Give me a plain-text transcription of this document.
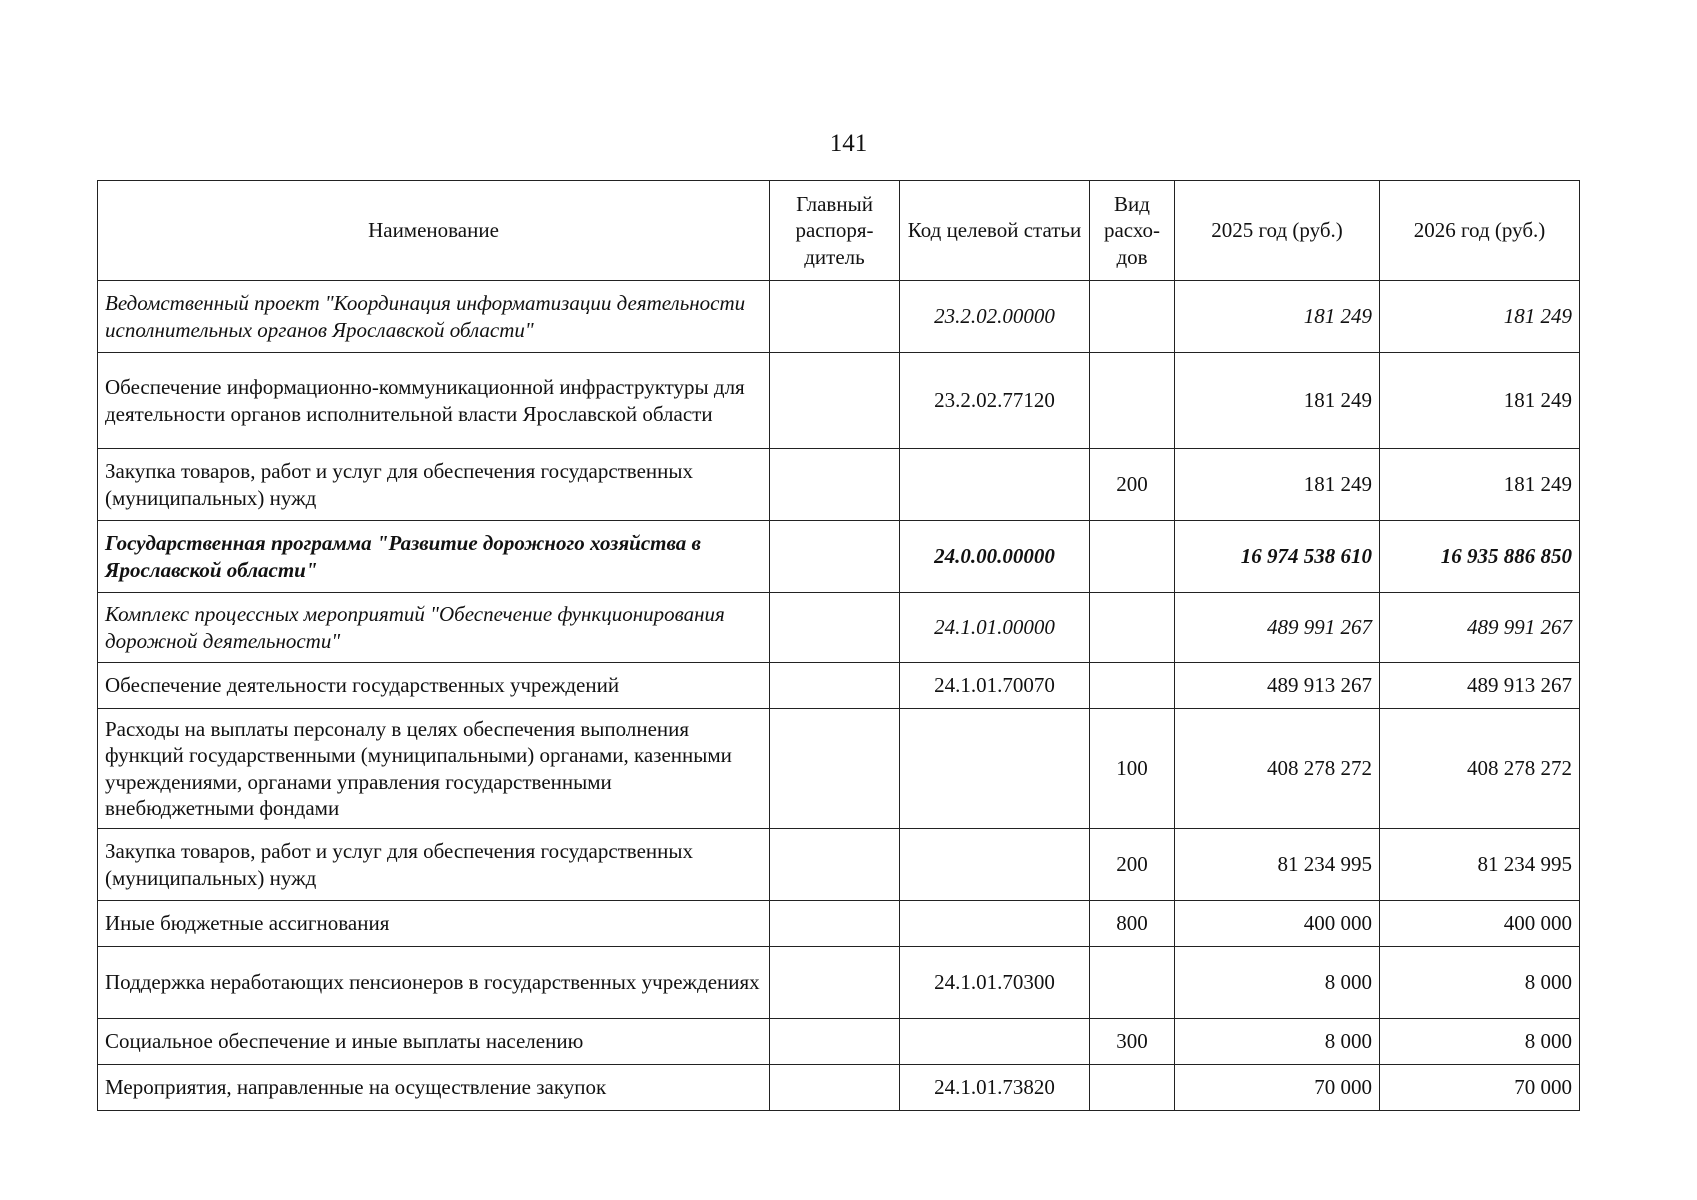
141
Наименование	Главный распоря-дитель	Код целевой статьи	Вид расхо-дов	2025 год (руб.)	2026 год (руб.)
Ведомственный проект "Координация информатизации деятельности исполнительных органов Ярославской области"		23.2.02.00000		181 249	181 249
Обеспечение информационно-коммуникационной инфраструктуры для деятельности органов исполнительной власти Ярославской области		23.2.02.77120		181 249	181 249
Закупка товаров, работ и услуг для обеспечения государственных (муниципальных) нужд			200	181 249	181 249
Государственная программа "Развитие дорожного хозяйства в Ярославской области"		24.0.00.00000		16 974 538 610	16 935 886 850
Комплекс процессных мероприятий "Обеспечение функционирования дорожной деятельности"		24.1.01.00000		489 991 267	489 991 267
Обеспечение деятельности государственных учреждений		24.1.01.70070		489 913 267	489 913 267
Расходы на выплаты персоналу в целях обеспечения выполнения функций государственными (муниципальными) органами, казенными учреждениями, органами управления государственными внебюджетными фондами			100	408 278 272	408 278 272
Закупка товаров, работ и услуг для обеспечения государственных (муниципальных) нужд			200	81 234 995	81 234 995
Иные бюджетные ассигнования			800	400 000	400 000
Поддержка неработающих пенсионеров в государственных учреждениях		24.1.01.70300		8 000	8 000
Социальное обеспечение и иные выплаты населению			300	8 000	8 000
Мероприятия, направленные на осуществление закупок		24.1.01.73820		70 000	70 000
